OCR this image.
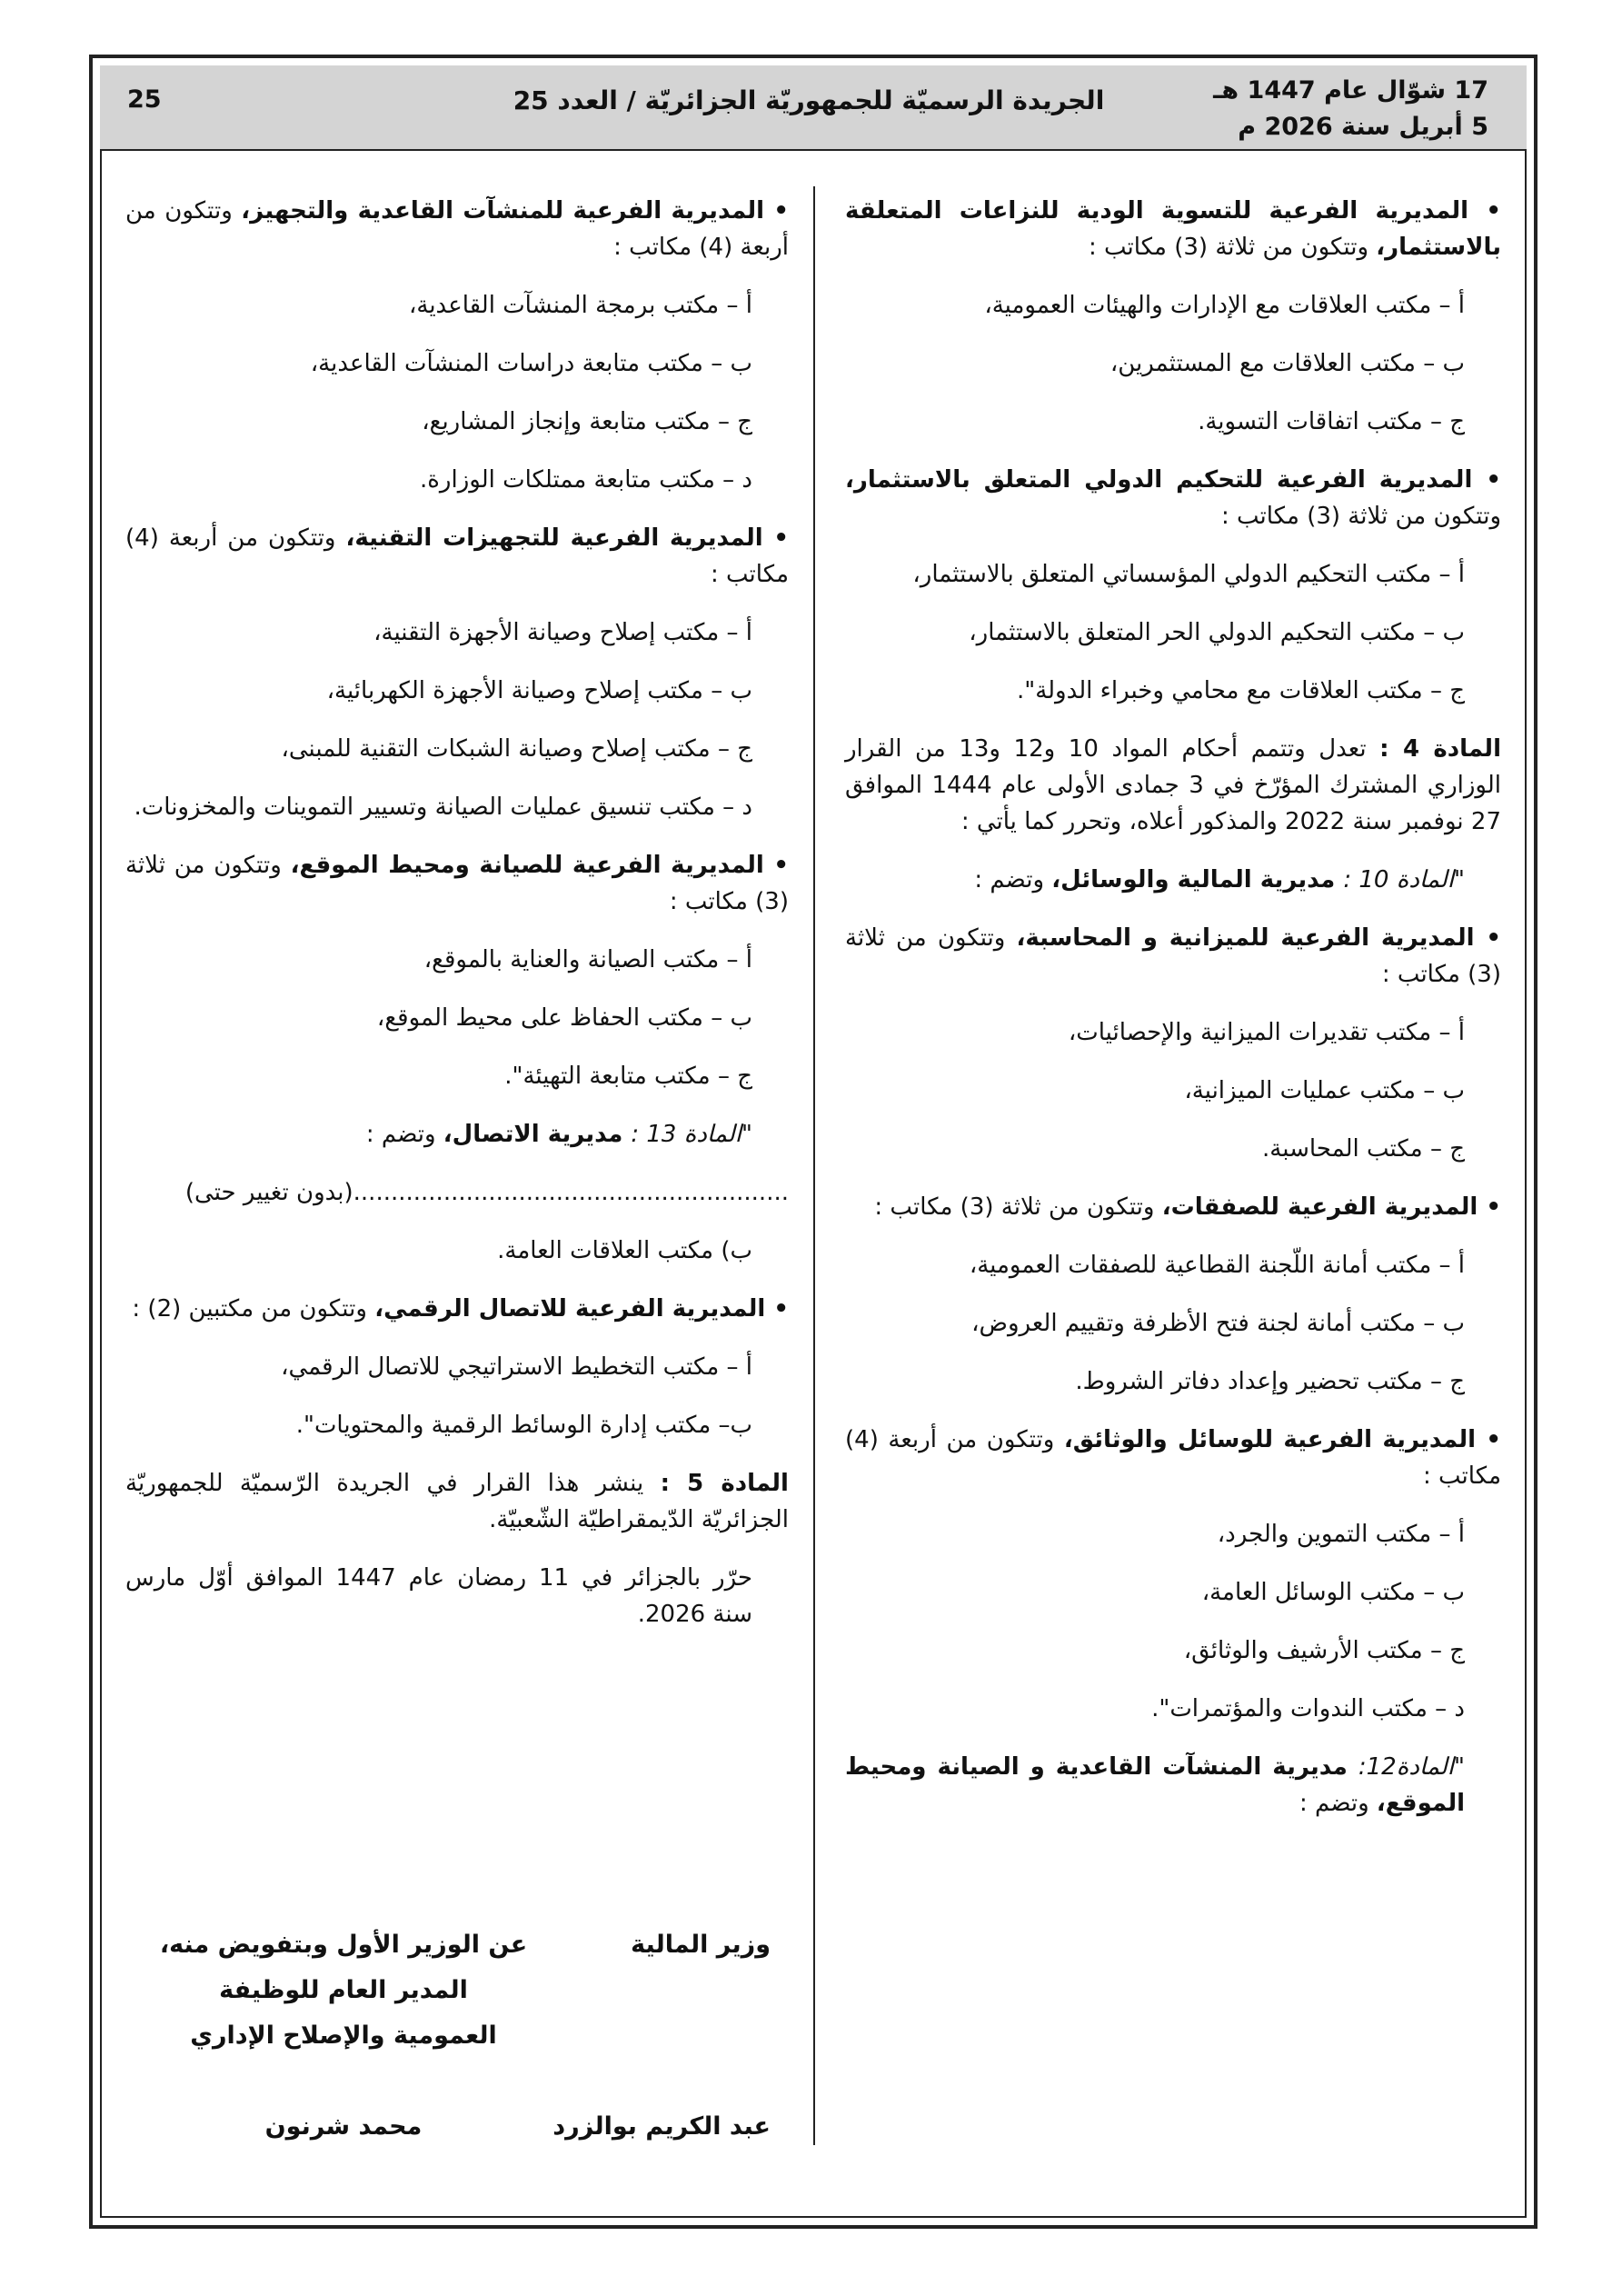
17 شوّال عام 1447 هـ
5 أبريل سنة 2026 م
الجريدة الرسميّة للجمهوريّة الجزائريّة / العدد 25
25

• المديرية الفرعية للتسوية الودية للنزاعات المتعلقة بالاستثمار، وتتكون من ثلاثة (3) مكاتب :

أ – مكتب العلاقات مع الإدارات والهيئات العمومية،

ب – مكتب العلاقات مع المستثمرين،

ج – مكتب اتفاقات التسوية.

• المديرية الفرعية للتحكيم الدولي المتعلق بالاستثمار، وتتكون من ثلاثة (3) مكاتب :

أ – مكتب التحكيم الدولي المؤسساتي المتعلق بالاستثمار،

ب – مكتب التحكيم الدولي الحر المتعلق بالاستثمار،

ج – مكتب العلاقات مع محامي وخبراء الدولة".

المادة 4 : تعدل وتتمم أحكام المواد 10 و12 و13 من القرار الوزاري المشترك المؤرّخ في 3 جمادى الأولى عام 1444 الموافق 27 نوفمبر سنة 2022 والمذكور أعلاه، وتحرر كما يأتي :

"المادة 10 : مديرية المالية والوسائل، وتضم :

• المديرية الفرعية للميزانية و المحاسبة، وتتكون من ثلاثة (3) مكاتب :

أ – مكتب تقديرات الميزانية والإحصائيات،

ب – مكتب عمليات الميزانية،

ج – مكتب المحاسبة.

• المديرية الفرعية للصفقات، وتتكون من ثلاثة (3) مكاتب :

أ – مكتب أمانة اللّجنة القطاعية للصفقات العمومية،

ب – مكتب أمانة لجنة فتح الأظرفة وتقييم العروض،

ج – مكتب تحضير وإعداد دفاتر الشروط.

• المديرية الفرعية للوسائل والوثائق، وتتكون من أربعة (4) مكاتب :

أ – مكتب التموين والجرد،

ب – مكتب الوسائل العامة،

ج – مكتب الأرشيف والوثائق،

د – مكتب الندوات والمؤتمرات".

"المادة12: مديرية المنشآت القاعدية و الصيانة ومحيط الموقع، وتضم :

• المديرية الفرعية للمنشآت القاعدية والتجهيز، وتتكون من أربعة (4) مكاتب :

أ – مكتب برمجة المنشآت القاعدية،

ب – مكتب متابعة دراسات المنشآت القاعدية،

ج – مكتب متابعة وإنجاز المشاريع،

د – مكتب متابعة ممتلكات الوزارة.

• المديرية الفرعية للتجهيزات التقنية، وتتكون من أربعة (4) مكاتب :

أ – مكتب إصلاح وصيانة الأجهزة التقنية،

ب – مكتب إصلاح وصيانة الأجهزة الكهربائية،

ج – مكتب إصلاح وصيانة الشبكات التقنية للمبنى،

د – مكتب تنسيق عمليات الصيانة وتسيير التموينات والمخزونات.

• المديرية الفرعية للصيانة ومحيط الموقع، وتتكون من ثلاثة (3) مكاتب :

أ – مكتب الصيانة والعناية بالموقع،

ب – مكتب الحفاظ على محيط الموقع،

ج – مكتب متابعة التهيئة".

"المادة 13 : مديرية الاتصال، وتضم :

..........................................................(بدون تغيير حتى)

ب) مكتب العلاقات العامة.

• المديرية الفرعية للاتصال الرقمي، وتتكون من مكتبين (2) :

أ – مكتب التخطيط الاستراتيجي للاتصال الرقمي،

ب– مكتب إدارة الوسائط الرقمية والمحتويات".

المادة 5 : ينشر هذا القرار في الجريدة الرّسميّة للجمهوريّة الجزائريّة الدّيمقراطيّة الشّعبيّة.

حرّر بالجزائر في 11 رمضان عام 1447 الموافق أوّل مارس سنة 2026.

وزير المالية
عبد الكريم بوالزرد
عن الوزير الأول وبتفويض منه،
المدير العام للوظيفة
العمومية والإصلاح الإداري
محمد شرنون
